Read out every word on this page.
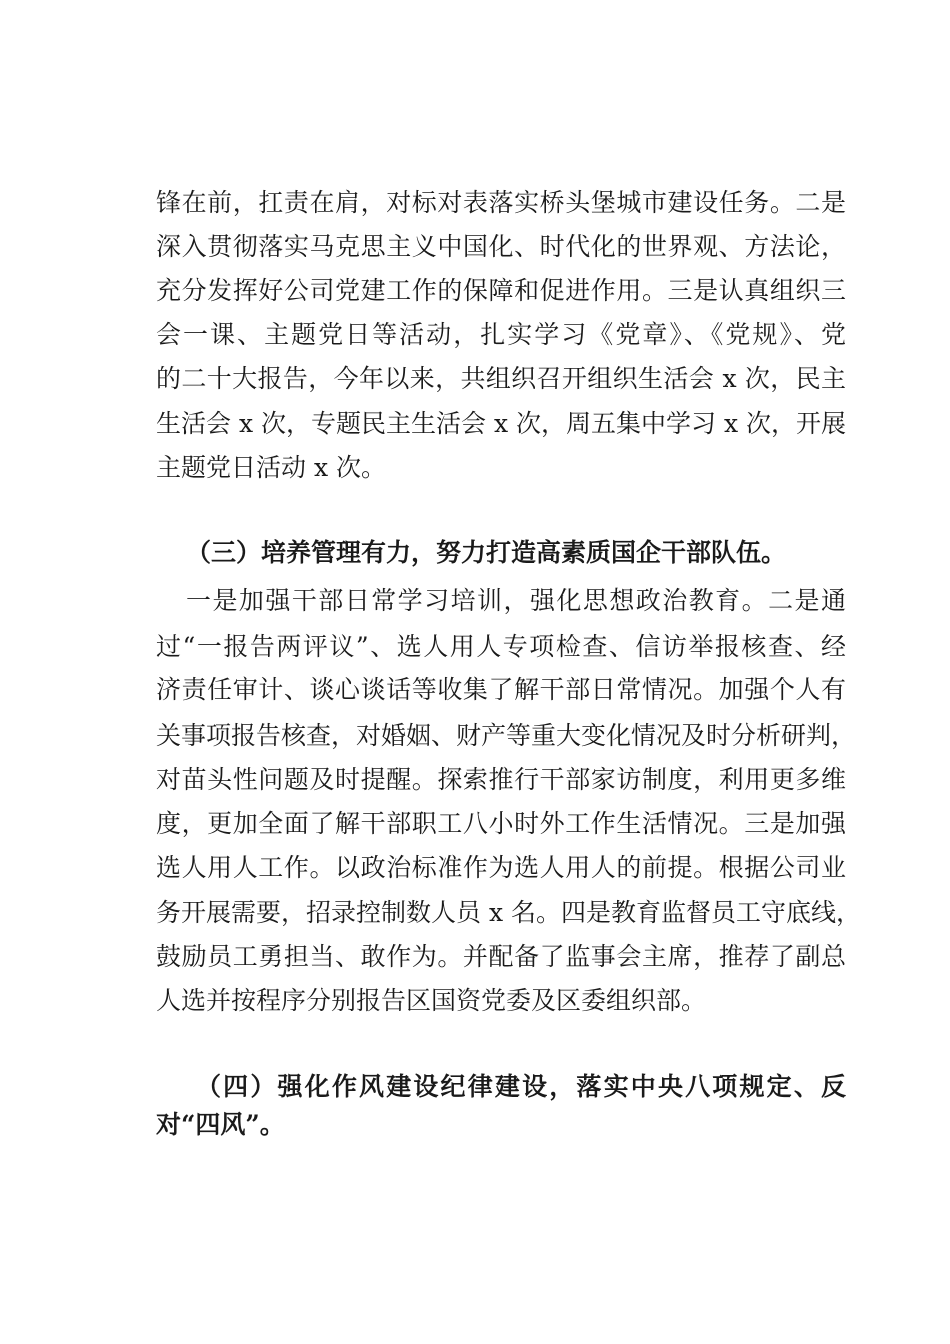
锋在前，扛责在肩，对标对表落实桥头堡城市建设任务。二是

深入贯彻落实马克思主义中国化、时代化的世界观、方法论，

充分发挥好公司党建工作的保障和促进作用。三是认真组织三

会一课、主题党日等活动，扎实学习《党章》、《党规》、党

的二十大报告，今年以来，共组织召开组织生活会 x 次，民主

生活会 x 次，专题民主生活会 x 次，周五集中学习 x 次，开展

主题党日活动 x 次。

（三）培养管理有力，努力打造高素质国企干部队伍。

一是加强干部日常学习培训，强化思想政治教育。二是通

过“一报告两评议”、选人用人专项检查、信访举报核查、经

济责任审计、谈心谈话等收集了解干部日常情况。加强个人有

关事项报告核查，对婚姻、财产等重大变化情况及时分析研判，

对苗头性问题及时提醒。探索推行干部家访制度，利用更多维

度，更加全面了解干部职工八小时外工作生活情况。三是加强

选人用人工作。以政治标准作为选人用人的前提。根据公司业

务开展需要，招录控制数人员 x 名。四是教育监督员工守底线，

鼓励员工勇担当、敢作为。并配备了监事会主席，推荐了副总

人选并按程序分别报告区国资党委及区委组织部。

（四）强化作风建设纪律建设，落实中央八项规定、反

对“四风”。
